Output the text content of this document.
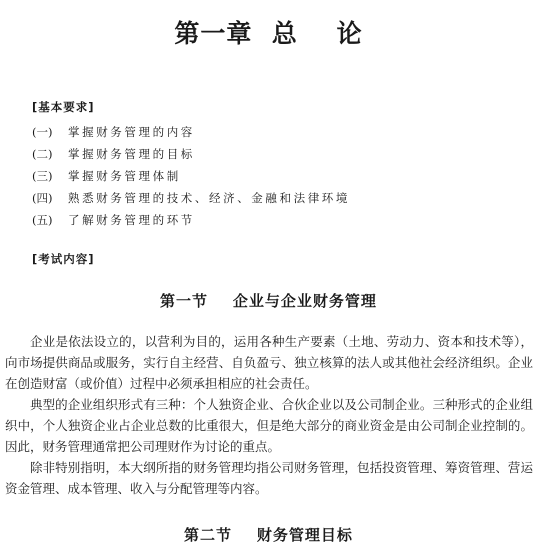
第一章  总    论
[基本要求]
(一) 掌握财务管理的内容
(二) 掌握财务管理的目标
(三) 掌握财务管理体制
(四) 熟悉财务管理的技术、经济、金融和法律环境
(五) 了解财务管理的环节
[考试内容]
第一节    企业与企业财务管理

企业是依法设立的，以营利为目的，运用各种生产要素（土地、劳动力、资本和技术等），向市场提供商品或服务，实行自主经营、自负盈亏、独立核算的法人或其他社会经济组织。企业在创造财富（或价值）过程中必须承担相应的社会责任。

典型的企业组织形式有三种：个人独资企业、合伙企业以及公司制企业。三种形式的企业组织中，个人独资企业占企业总数的比重很大，但是绝大部分的商业资金是由公司制企业控制的。因此，财务管理通常把公司理财作为讨论的重点。

除非特别指明，本大纲所指的财务管理均指公司财务管理，包括投资管理、筹资管理、营运资金管理、成本管理、收入与分配管理等内容。

第二节    财务管理目标
